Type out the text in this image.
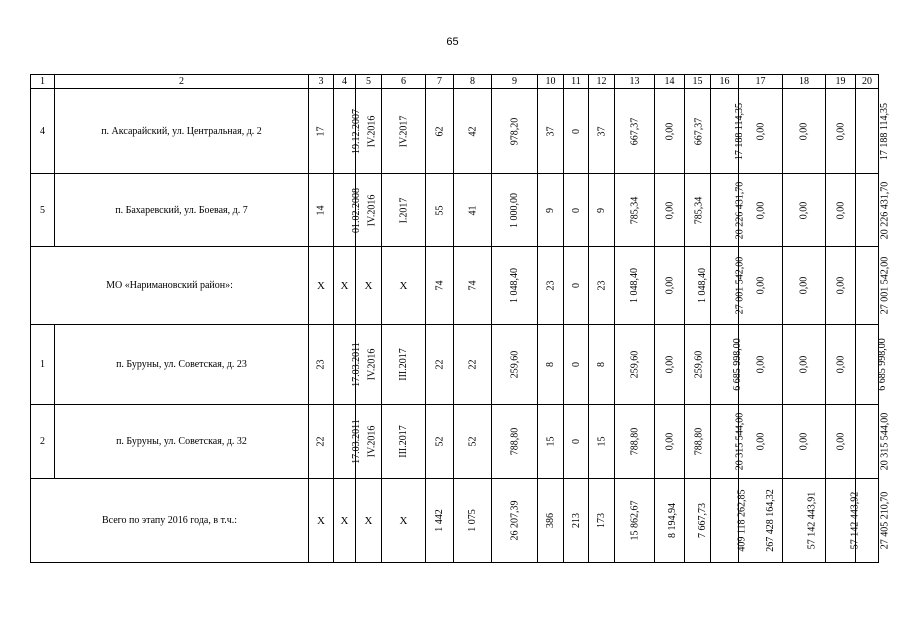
65
1	2	3	4	5	6	7	8	9	10	11	12	13	14	15	16	17	18	19	20
4	п. Аксарайский, ул. Центральная, д. 2	17	19.12.2007	IV.2016	IV.2017	62	42	978,20	37	0	37	667,37	0,00	667,37	17 188 114,35	0,00	0,00	0,00	17 188 114,35
5	п. Бахаревский, ул. Боевая, д. 7	14	01.02.2008	IV.2016	I.2017	55	41	1 000,00	9	0	9	785,34	0,00	785,34	20 226 431,70	0,00	0,00	0,00	20 226 431,70
МО «Наримановский район»:		X	X	X	X	74	74	1 048,40	23	0	23	1 048,40	0,00	1 048,40	27 001 542,00	0,00	0,00	0,00	27 001 542,00
1	п. Буруны, ул. Советская, д. 23	23	17.03.2011	IV.2016	III.2017	22	22	259,60	8	0	8	259,60	0,00	259,60	6 685 998,00	0,00	0,00	0,00	6 685 998,00
2	п. Буруны, ул. Советская, д. 32	22	17.03.2011	IV.2016	III.2017	52	52	788,80	15	0	15	788,80	0,00	788,80	20 315 544,00	0,00	0,00	0,00	20 315 544,00
Всего по этапу 2016 года, в т.ч.:		X	X	X	X	1 442	1 075	26 207,39	386	213	173	15 862,67	8 194,94	7 667,73	409 118 262,85	267 428 164,32	57 142 443,91	57 142 443,92	27 405 210,70
